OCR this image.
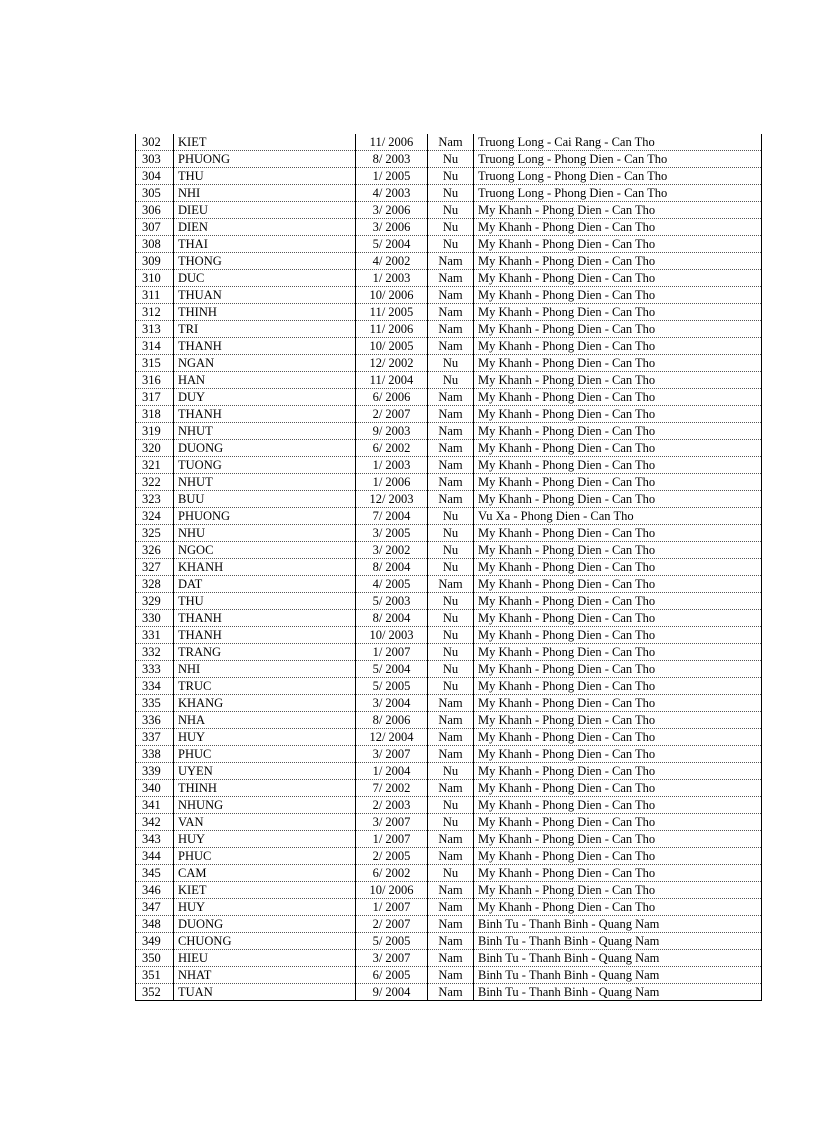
302	KIET	11/ 2006	Nam	Truong Long - Cai Rang - Can Tho
303	PHUONG	8/ 2003	Nu	Truong Long - Phong Dien - Can Tho
304	THU	1/ 2005	Nu	Truong Long - Phong Dien - Can Tho
305	NHI	4/ 2003	Nu	Truong Long - Phong Dien - Can Tho
306	DIEU	3/ 2006	Nu	My Khanh - Phong Dien - Can Tho
307	DIEN	3/ 2006	Nu	My Khanh - Phong Dien - Can Tho
308	THAI	5/ 2004	Nu	My Khanh - Phong Dien - Can Tho
309	THONG	4/ 2002	Nam	My Khanh - Phong Dien - Can Tho
310	DUC	1/ 2003	Nam	My Khanh - Phong Dien - Can Tho
311	THUAN	10/ 2006	Nam	My Khanh - Phong Dien - Can Tho
312	THINH	11/ 2005	Nam	My Khanh - Phong Dien - Can Tho
313	TRI	11/ 2006	Nam	My Khanh - Phong Dien - Can Tho
314	THANH	10/ 2005	Nam	My Khanh - Phong Dien - Can Tho
315	NGAN	12/ 2002	Nu	My Khanh - Phong Dien - Can Tho
316	HAN	11/ 2004	Nu	My Khanh - Phong Dien - Can Tho
317	DUY	6/ 2006	Nam	My Khanh - Phong Dien - Can Tho
318	THANH	2/ 2007	Nam	My Khanh - Phong Dien - Can Tho
319	NHUT	9/ 2003	Nam	My Khanh - Phong Dien - Can Tho
320	DUONG	6/ 2002	Nam	My Khanh - Phong Dien - Can Tho
321	TUONG	1/ 2003	Nam	My Khanh - Phong Dien - Can Tho
322	NHUT	1/ 2006	Nam	My Khanh - Phong Dien - Can Tho
323	BUU	12/ 2003	Nam	My Khanh - Phong Dien - Can Tho
324	PHUONG	7/ 2004	Nu	Vu Xa - Phong Dien - Can Tho
325	NHU	3/ 2005	Nu	My Khanh - Phong Dien - Can Tho
326	NGOC	3/ 2002	Nu	My Khanh - Phong Dien - Can Tho
327	KHANH	8/ 2004	Nu	My Khanh - Phong Dien - Can Tho
328	DAT	4/ 2005	Nam	My Khanh - Phong Dien - Can Tho
329	THU	5/ 2003	Nu	My Khanh - Phong Dien - Can Tho
330	THANH	8/ 2004	Nu	My Khanh - Phong Dien - Can Tho
331	THANH	10/ 2003	Nu	My Khanh - Phong Dien - Can Tho
332	TRANG	1/ 2007	Nu	My Khanh - Phong Dien - Can Tho
333	NHI	5/ 2004	Nu	My Khanh - Phong Dien - Can Tho
334	TRUC	5/ 2005	Nu	My Khanh - Phong Dien - Can Tho
335	KHANG	3/ 2004	Nam	My Khanh - Phong Dien - Can Tho
336	NHA	8/ 2006	Nam	My Khanh - Phong Dien - Can Tho
337	HUY	12/ 2004	Nam	My Khanh - Phong Dien - Can Tho
338	PHUC	3/ 2007	Nam	My Khanh - Phong Dien - Can Tho
339	UYEN	1/ 2004	Nu	My Khanh - Phong Dien - Can Tho
340	THINH	7/ 2002	Nam	My Khanh - Phong Dien - Can Tho
341	NHUNG	2/ 2003	Nu	My Khanh - Phong Dien - Can Tho
342	VAN	3/ 2007	Nu	My Khanh - Phong Dien - Can Tho
343	HUY	1/ 2007	Nam	My Khanh - Phong Dien - Can Tho
344	PHUC	2/ 2005	Nam	My Khanh - Phong Dien - Can Tho
345	CAM	6/ 2002	Nu	My Khanh - Phong Dien - Can Tho
346	KIET	10/ 2006	Nam	My Khanh - Phong Dien - Can Tho
347	HUY	1/ 2007	Nam	My Khanh - Phong Dien - Can Tho
348	DUONG	2/ 2007	Nam	Binh Tu - Thanh Binh - Quang Nam
349	CHUONG	5/ 2005	Nam	Binh Tu - Thanh Binh - Quang Nam
350	HIEU	3/ 2007	Nam	Binh Tu - Thanh Binh - Quang Nam
351	NHAT	6/ 2005	Nam	Binh Tu - Thanh Binh - Quang Nam
352	TUAN	9/ 2004	Nam	Binh Tu - Thanh Binh - Quang Nam
